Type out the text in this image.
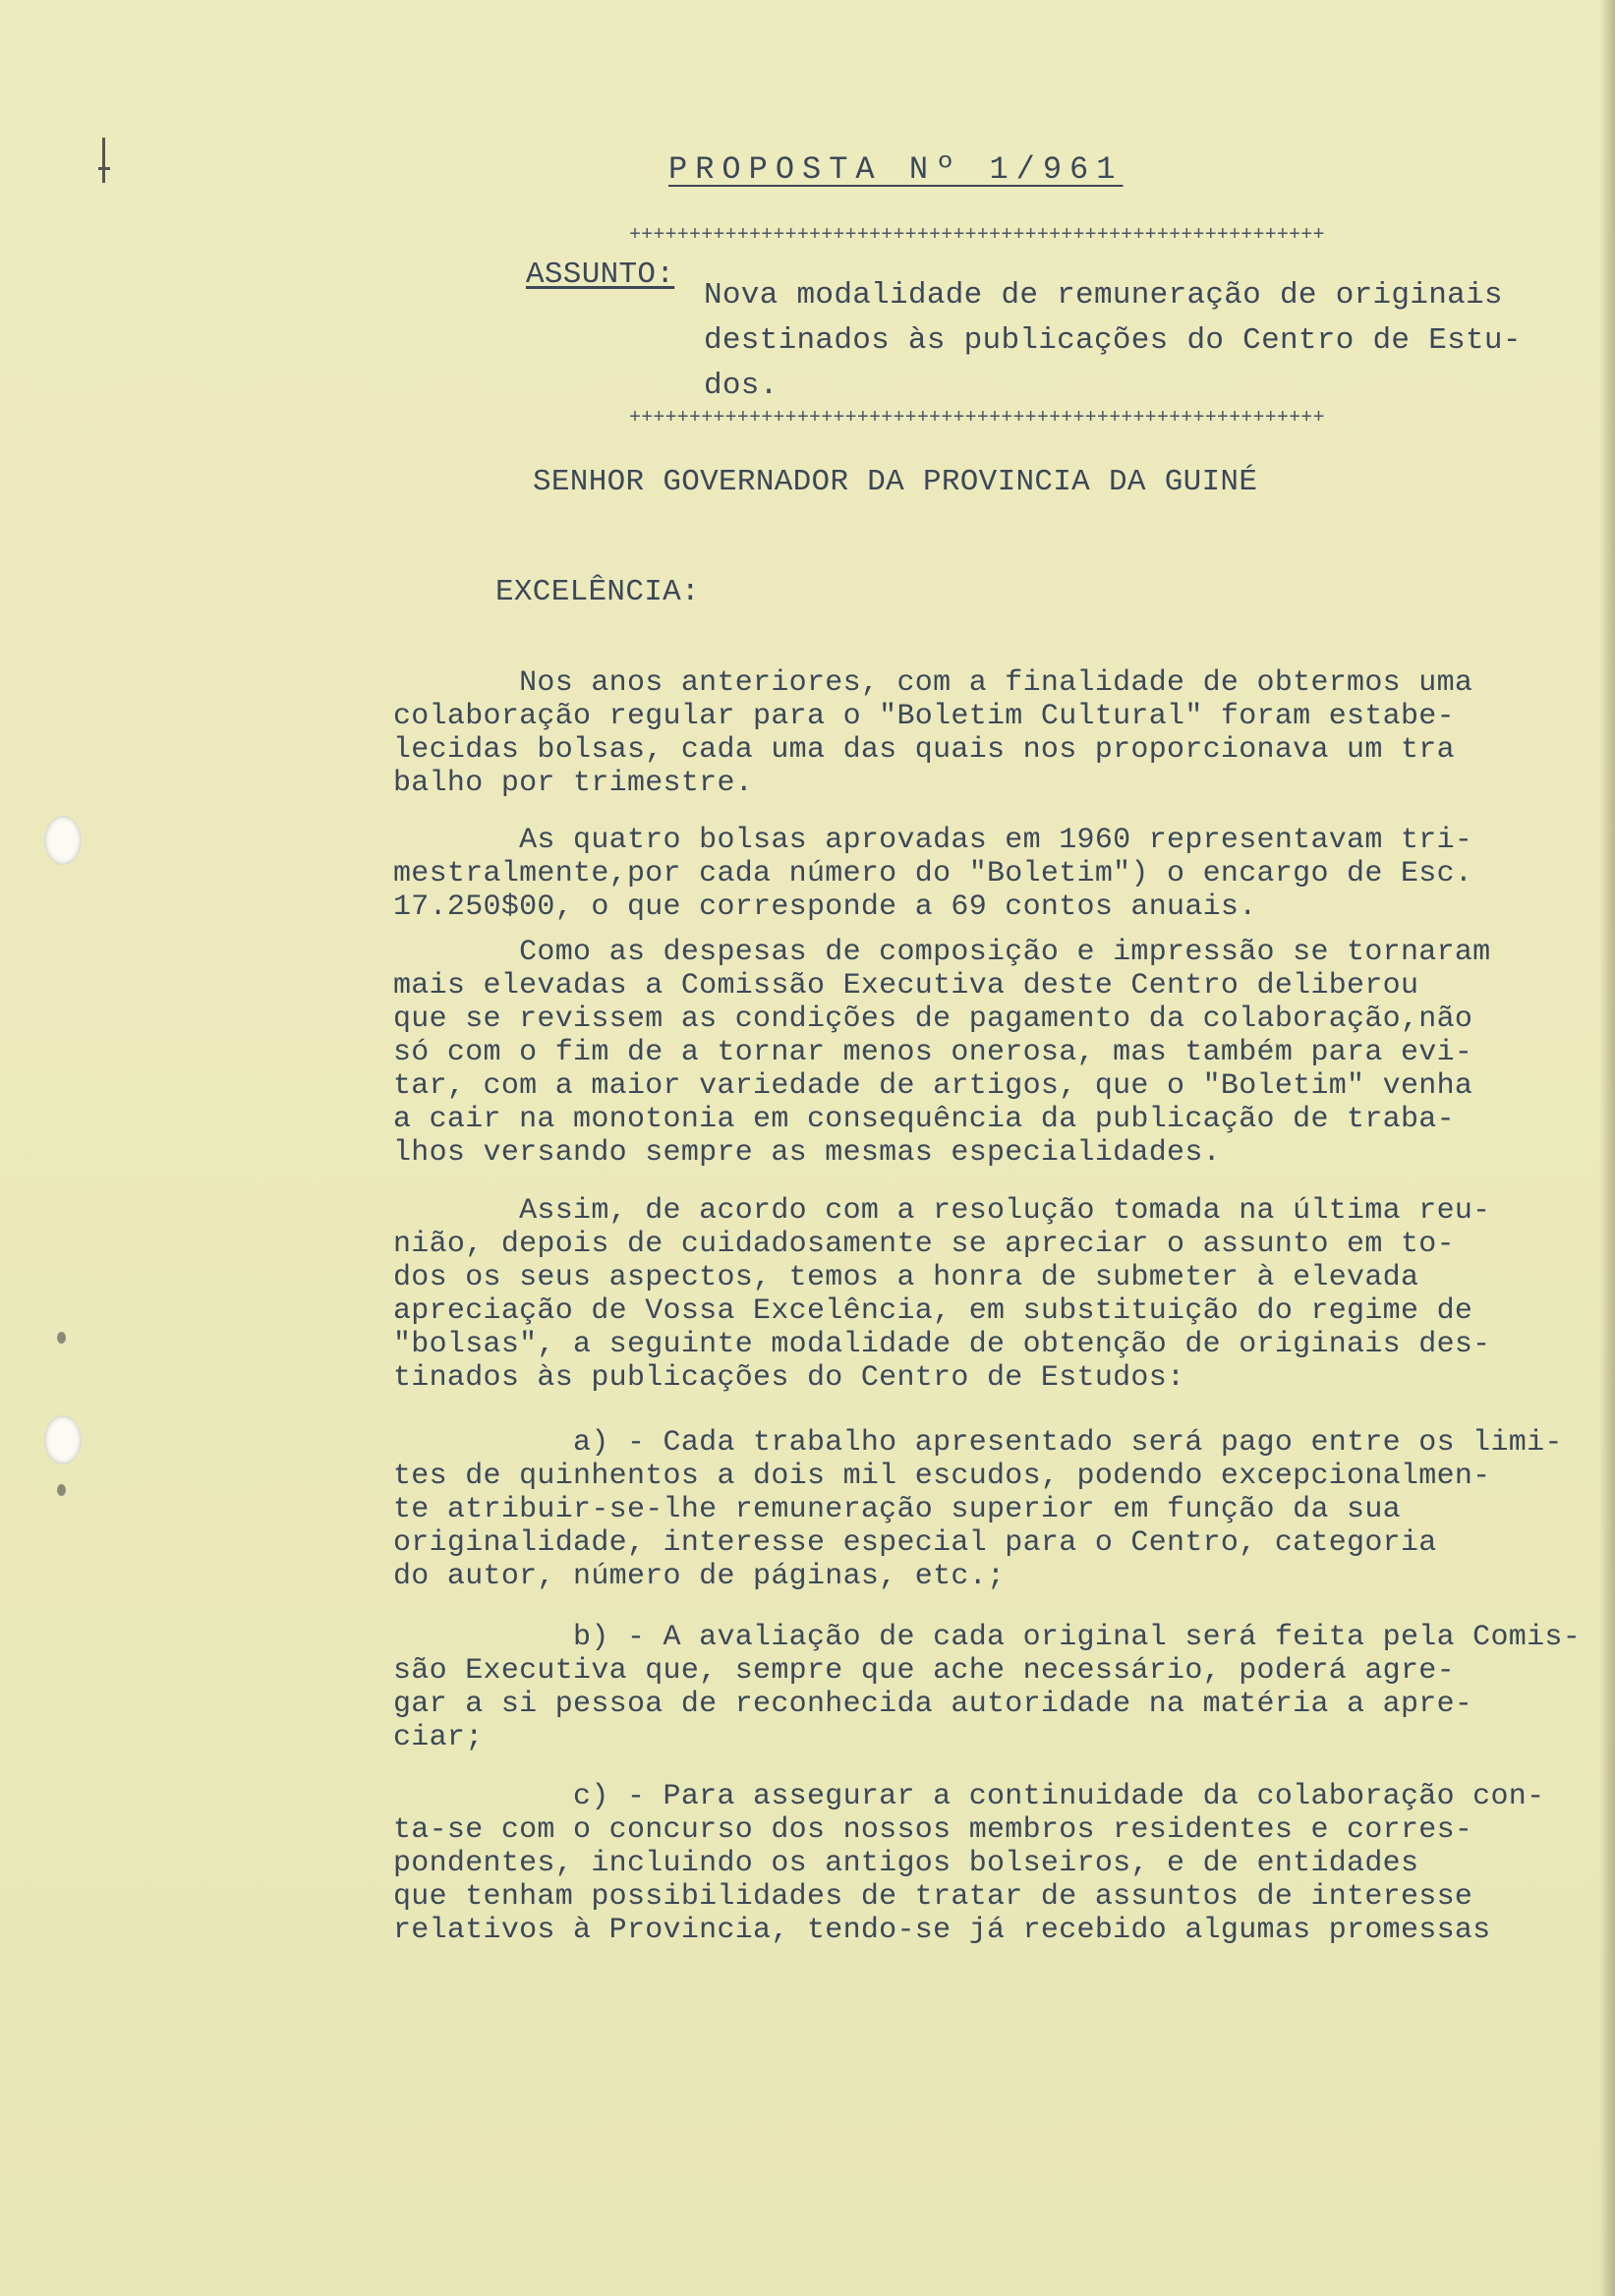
PROPOSTA Nº 1/961
++++++++++++++++++++++++++++++++++++++++++++++++++++++++++
ASSUNTO:
Nova modalidade de remuneração de originais
destinados às publicações do Centro de Estu-
dos.
++++++++++++++++++++++++++++++++++++++++++++++++++++++++++
SENHOR GOVERNADOR DA PROVINCIA DA GUINÉ
EXCELÊNCIA:
Nos anos anteriores, com a finalidade de obtermos uma
colaboração regular para o "Boletim Cultural" foram estabe-
lecidas bolsas, cada uma das quais nos proporcionava um tra
balho por trimestre.
As quatro bolsas aprovadas em 1960 representavam tri-
mestralmente,por cada número do "Boletim") o encargo de Esc.
17.250$00, o que corresponde a 69 contos anuais.
Como as despesas de composição e impressão se tornaram
mais elevadas a Comissão Executiva deste Centro deliberou
que se revissem as condições de pagamento da colaboração,não
só com o fim de a tornar menos onerosa, mas também para evi-
tar, com a maior variedade de artigos, que o "Boletim" venha
a cair na monotonia em consequência da publicação de traba-
lhos versando sempre as mesmas especialidades.
Assim, de acordo com a resolução tomada na última reu-
nião, depois de cuidadosamente se apreciar o assunto em to-
dos os seus aspectos, temos a honra de submeter à elevada
apreciação de Vossa Excelência, em substituição do regime de
"bolsas", a seguinte modalidade de obtenção de originais des-
tinados às publicações do Centro de Estudos:
a) - Cada trabalho apresentado será pago entre os limi-
tes de quinhentos a dois mil escudos, podendo excepcionalmen-
te atribuir-se-lhe remuneração superior em função da sua
originalidade, interesse especial para o Centro, categoria
do autor, número de páginas, etc.;
b) - A avaliação de cada original será feita pela Comis-
são Executiva que, sempre que ache necessário, poderá agre-
gar a si pessoa de reconhecida autoridade na matéria a apre-
ciar;
c) - Para assegurar a continuidade da colaboração con-
ta-se com o concurso dos nossos membros residentes e corres-
pondentes, incluindo os antigos bolseiros, e de entidades
que tenham possibilidades de tratar de assuntos de interesse
relativos à Provincia, tendo-se já recebido algumas promessas
